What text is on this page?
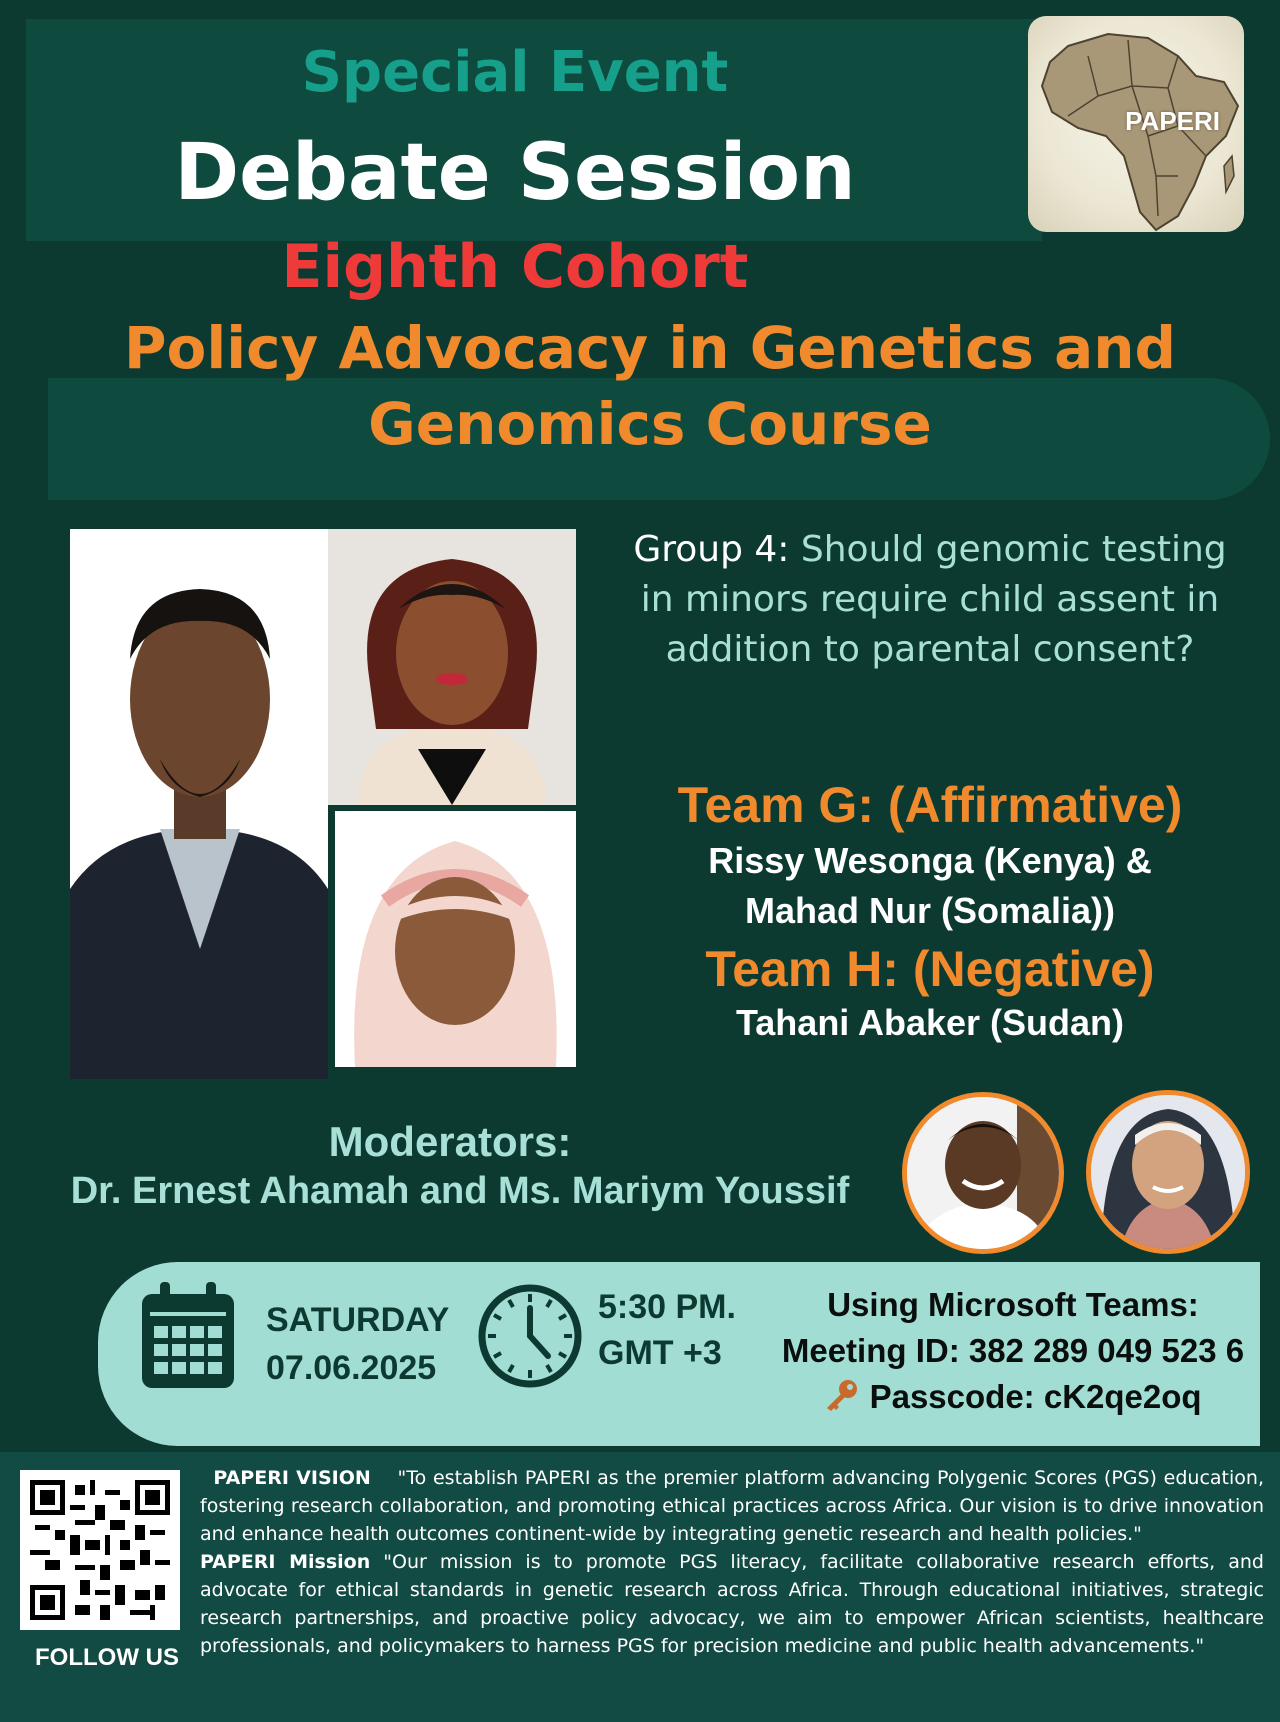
Special Event
Debate Session
Eighth Cohort
Policy Advocacy in Genetics and
Genomics Course
PAPERI
Group 4: Should genomic testing in minors require child assent in addition to parental consent?
Team G: (Affirmative)
Rissy Wesonga (Kenya) &
Mahad Nur (Somalia))
Team H: (Negative)
Tahani Abaker (Sudan)
Moderators:
Dr. Ernest Ahamah and Ms. Mariym Youssif
SATURDAY
07.06.2025
5:30 PM.
GMT +3
Using Microsoft Teams:
Meeting ID: 382 289 049 523 6
Passcode: cK2qe2oq
FOLLOW US

PAPERI VISION "To establish PAPERI as the premier platform advancing Polygenic Scores (PGS) education, fostering research collaboration, and promoting ethical practices across Africa. Our vision is to drive innovation and enhance health outcomes continent-wide by integrating genetic research and health policies."

PAPERI Mission "Our mission is to promote PGS literacy, facilitate collaborative research efforts, and advocate for ethical standards in genetic research across Africa. Through educational initiatives, strategic research partnerships, and proactive policy advocacy, we aim to empower African scientists, healthcare professionals, and policymakers to harness PGS for precision medicine and public health advancements."
